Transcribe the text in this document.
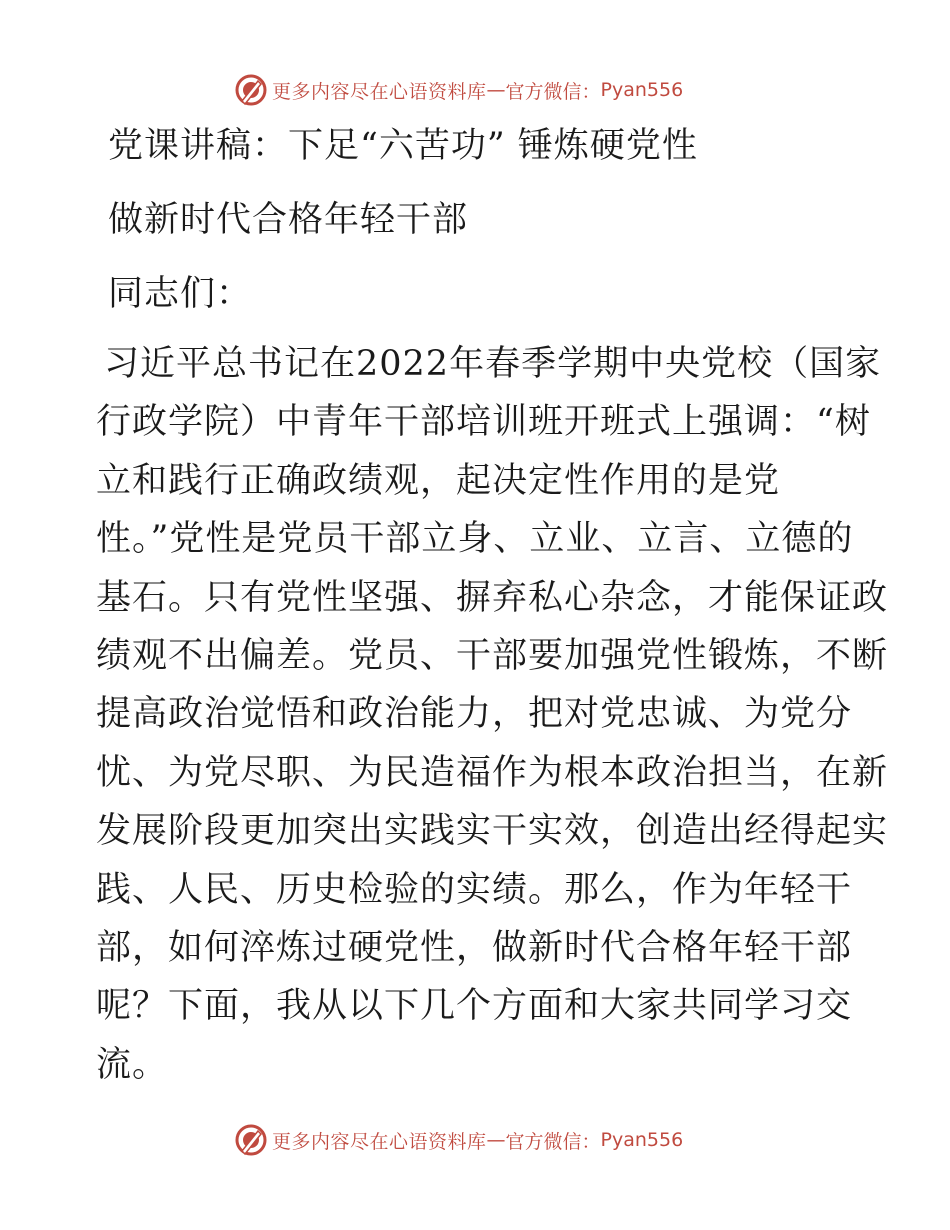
更多内容尽在心语资料库 — 官方微信： Pyan556
党课讲稿：下足“六苦功” 锤炼硬党性
做新时代合格年轻干部
同志们：
习近平总书记在2022年春季学期中央党校（国家
行政学院）中青年干部培训班开班式上强调：“树
立和践行正确政绩观，起决定性作用的是党
性。”党性是党员干部立身、立业、立言、立德的
基石。只有党性坚强、摒弃私心杂念，才能保证政
绩观不出偏差。党员、干部要加强党性锻炼，不断
提高政治觉悟和政治能力，把对党忠诚、为党分
忧、为党尽职、为民造福作为根本政治担当，在新
发展阶段更加突出实践实干实效，创造出经得起实
践、人民、历史检验的实绩。那么，作为年轻干
部，如何淬炼过硬党性，做新时代合格年轻干部
呢？下面，我从以下几个方面和大家共同学习交
流。
更多内容尽在心语资料库 — 官方微信： Pyan556
